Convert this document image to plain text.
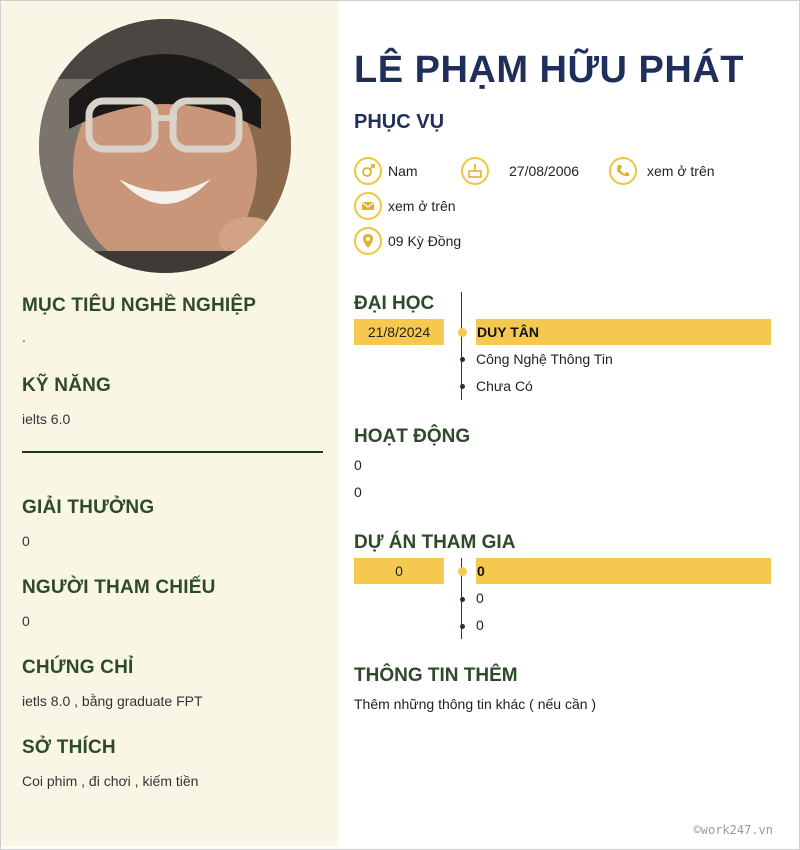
MỤC TIÊU NGHỀ NGHIỆP
.
KỸ NĂNG
ielts 6.0
GIẢI THƯỞNG
0
NGƯỜI THAM CHIẾU
0
CHỨNG CHỈ
ietls 8.0 , bằng graduate FPT
SỞ THÍCH
Coi phim , đi chơi , kiếm tiền
LÊ PHẠM HỮU PHÁT
PHỤC VỤ
Nam	27/08/2006	xem ở trên
xem ở trên
09 Kỳ Đồng
ĐẠI HỌC
21/8/2024	DUY TÂN
Công Nghệ Thông Tin
Chưa Có
HOẠT ĐỘNG
0
0
DỰ ÁN THAM GIA
0	0
0
0
THÔNG TIN THÊM
Thêm những thông tin khác ( nếu cần )
©work247.vn
